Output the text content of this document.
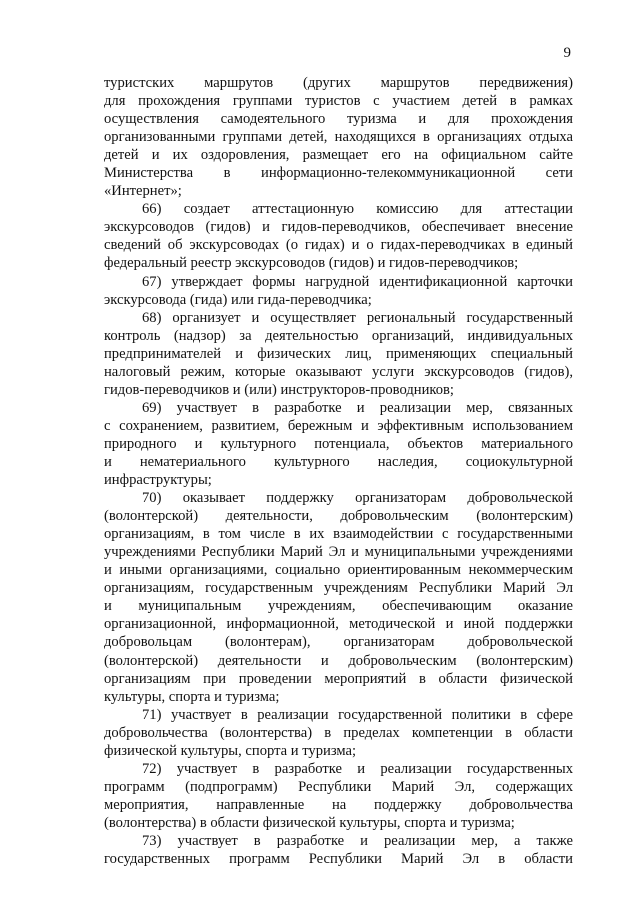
9
туристских маршрутов (других маршрутов передвижения)
для прохождения группами туристов с участием детей в рамках
осуществления самодеятельного туризма и для прохождения
организованными группами детей, находящихся в организациях отдыха
детей и их оздоровления, размещает его на официальном сайте
Министерства в информационно-телекоммуникационной сети
«Интернет»;
66) создает аттестационную комиссию для аттестации
экскурсоводов (гидов) и гидов-переводчиков, обеспечивает внесение
сведений об экскурсоводах (о гидах) и о гидах-переводчиках в единый
федеральный реестр экскурсоводов (гидов) и гидов-переводчиков;
67) утверждает формы нагрудной идентификационной карточки
экскурсовода (гида) или гида-переводчика;
68) организует и осуществляет региональный государственный
контроль (надзор) за деятельностью организаций, индивидуальных
предпринимателей и физических лиц, применяющих специальный
налоговый режим, которые оказывают услуги экскурсоводов (гидов),
гидов-переводчиков и (или) инструкторов-проводников;
69) участвует в разработке и реализации мер, связанных
с сохранением, развитием, бережным и эффективным использованием
природного и культурного потенциала, объектов материального
и нематериального культурного наследия, социокультурной
инфраструктуры;
70) оказывает поддержку организаторам добровольческой
(волонтерской) деятельности, добровольческим (волонтерским)
организациям, в том числе в их взаимодействии с государственными
учреждениями Республики Марий Эл и муниципальными учреждениями
и иными организациями, социально ориентированным некоммерческим
организациям, государственным учреждениям Республики Марий Эл
и муниципальным учреждениям, обеспечивающим оказание
организационной, информационной, методической и иной поддержки
добровольцам (волонтерам), организаторам добровольческой
(волонтерской) деятельности и добровольческим (волонтерским)
организациям при проведении мероприятий в области физической
культуры, спорта и туризма;
71) участвует в реализации государственной политики в сфере
добровольчества (волонтерства) в пределах компетенции в области
физической культуры, спорта и туризма;
72) участвует в разработке и реализации государственных
программ (подпрограмм) Республики Марий Эл, содержащих
мероприятия, направленные на поддержку добровольчества
(волонтерства) в области физической культуры, спорта и туризма;
73) участвует в разработке и реализации мер, а также
государственных программ Республики Марий Эл в области
